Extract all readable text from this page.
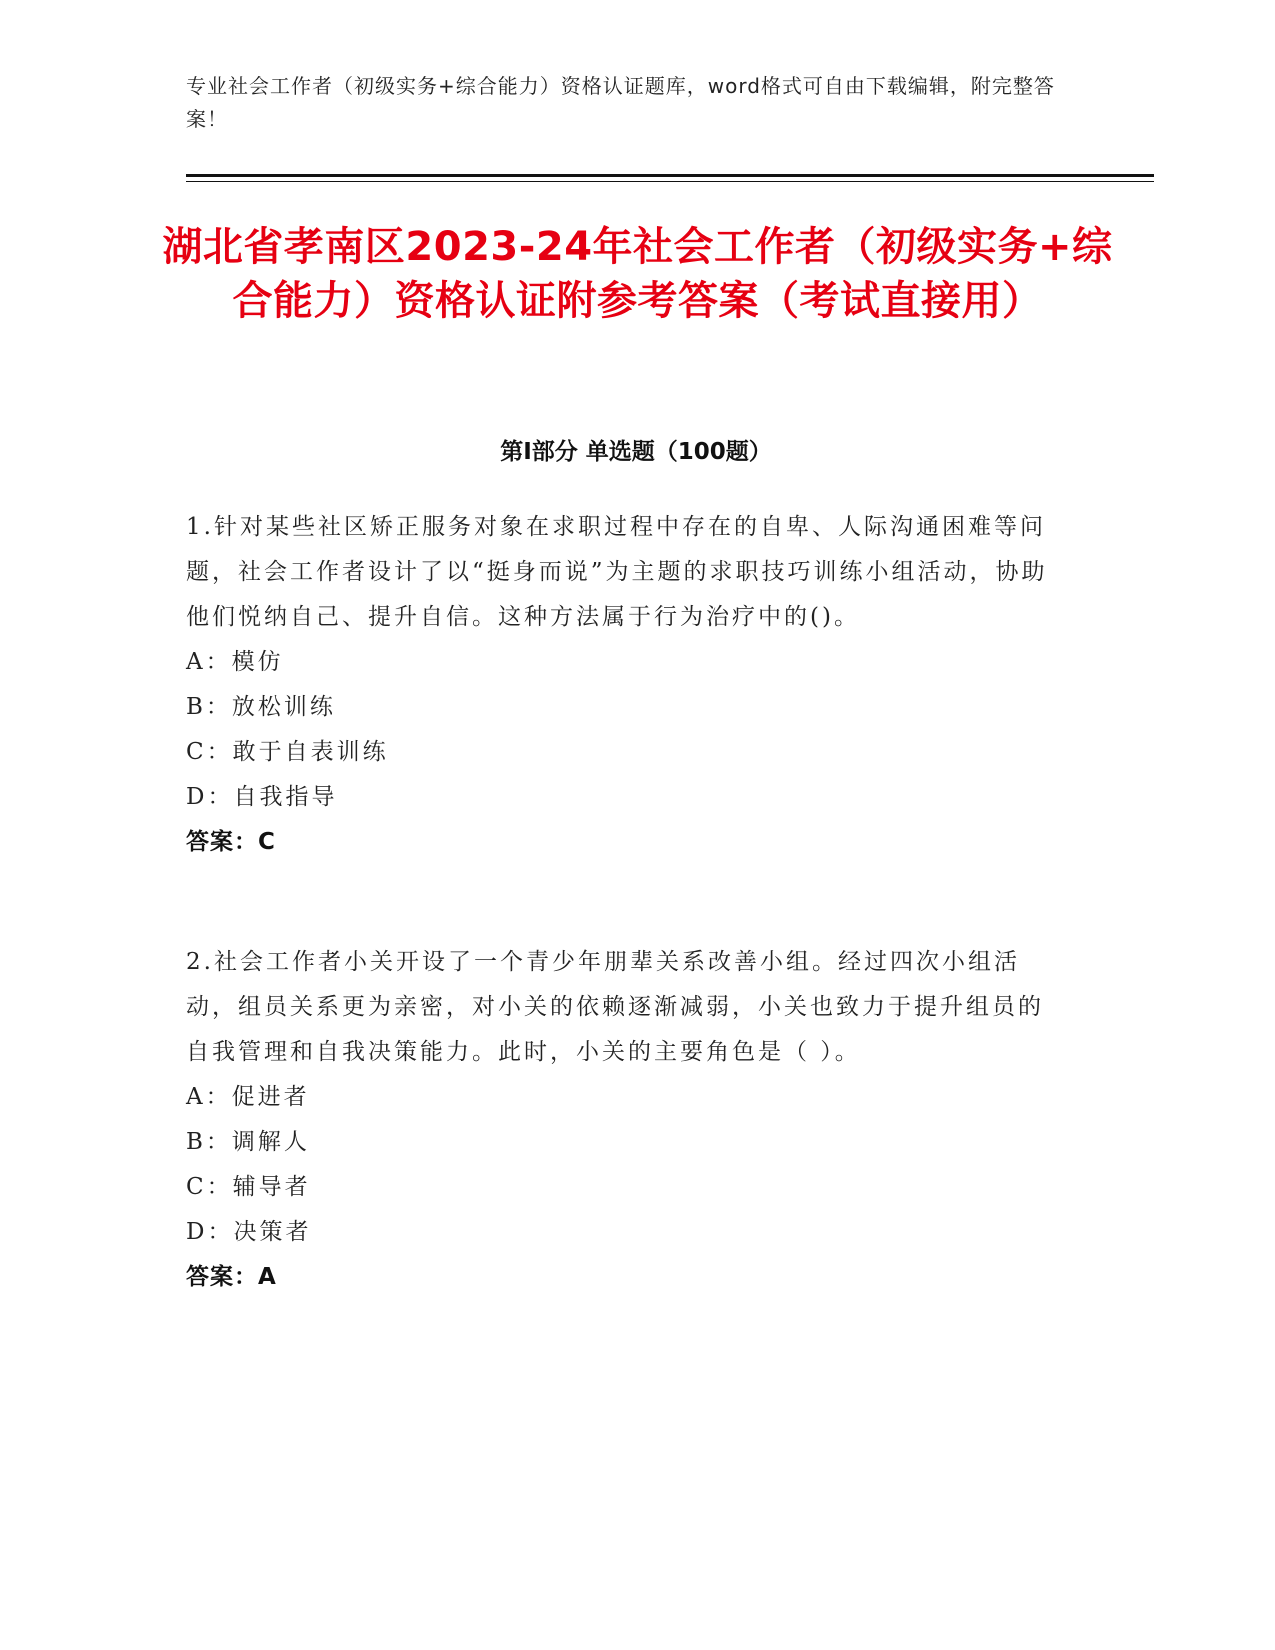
专业社会工作者（初级实务+综合能力）资格认证题库，word格式可自由下载编辑，附完整答案！
湖北省孝南区2023-24年社会工作者（初级实务+综合能力）资格认证附参考答案（考试直接用）
第Ⅰ部分 单选题（100题）
1.针对某些社区矫正服务对象在求职过程中存在的自卑、人际沟通困难等问题，社会工作者设计了以“挺身而说”为主题的求职技巧训练小组活动，协助他们悦纳自己、提升自信。这种方法属于行为治疗中的()。
A：模仿
B：放松训练
C：敢于自表训练
D：自我指导
答案：C
2.社会工作者小关开设了一个青少年朋辈关系改善小组。经过四次小组活动，组员关系更为亲密，对小关的依赖逐渐减弱，小关也致力于提升组员的自我管理和自我决策能力。此时，小关的主要角色是（ ）。
A：促进者
B：调解人
C：辅导者
D：决策者
答案：A
